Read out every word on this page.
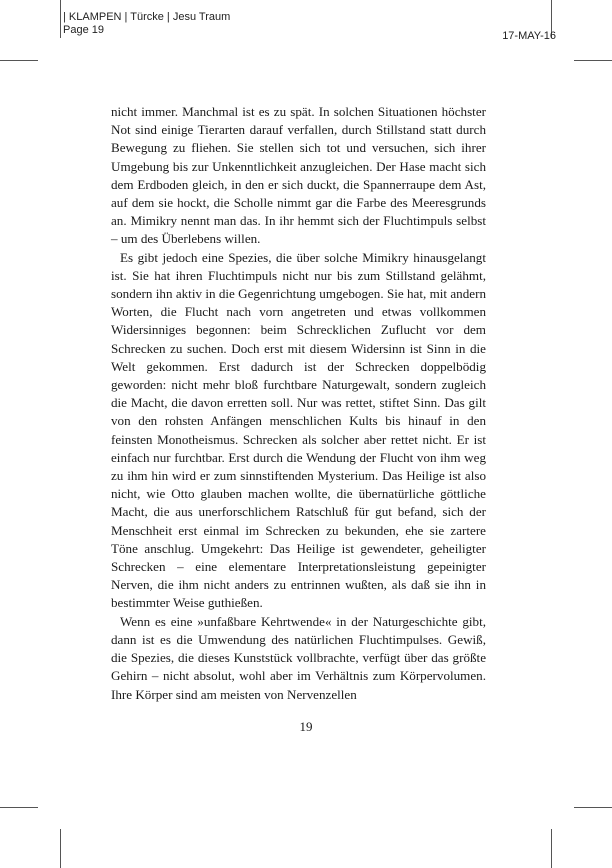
| KLAMPEN | Türcke | Jesu Traum
Page 19	17-MAY-16

nicht immer. Manchmal ist es zu spät. In solchen Situationen höchster Not sind einige Tierarten darauf verfallen, durch Stillstand statt durch Bewegung zu fliehen. Sie stellen sich tot und versuchen, sich ihrer Umgebung bis zur Unkenntlichkeit anzugleichen. Der Hase macht sich dem Erdboden gleich, in den er sich duckt, die Spannerraupe dem Ast, auf dem sie hockt, die Scholle nimmt gar die Farbe des Meeresgrunds an. Mimikry nennt man das. In ihr hemmt sich der Fluchtimpuls selbst – um des Überlebens willen.

Es gibt jedoch eine Spezies, die über solche Mimikry hinausgelangt ist. Sie hat ihren Fluchtimpuls nicht nur bis zum Stillstand gelähmt, sondern ihn aktiv in die Gegenrichtung umgebogen. Sie hat, mit andern Worten, die Flucht nach vorn angetreten und etwas vollkommen Widersinniges begonnen: beim Schrecklichen Zuflucht vor dem Schrecken zu suchen. Doch erst mit diesem Widersinn ist Sinn in die Welt gekommen. Erst dadurch ist der Schrecken doppelbödig geworden: nicht mehr bloß furchtbare Naturgewalt, sondern zugleich die Macht, die davon erretten soll. Nur was rettet, stiftet Sinn. Das gilt von den rohsten Anfängen menschlichen Kults bis hinauf in den feinsten Monotheismus. Schrecken als solcher aber rettet nicht. Er ist einfach nur furchtbar. Erst durch die Wendung der Flucht von ihm weg zu ihm hin wird er zum sinnstiftenden Mysterium. Das Heilige ist also nicht, wie Otto glauben machen wollte, die übernatürliche göttliche Macht, die aus unerforschlichem Ratschluß für gut befand, sich der Menschheit erst einmal im Schrecken zu bekunden, ehe sie zartere Töne anschlug. Umgekehrt: Das Heilige ist gewendeter, geheiligter Schrecken – eine elementare Interpretationsleistung gepeinigter Nerven, die ihm nicht anders zu entrinnen wußten, als daß sie ihn in bestimmter Weise guthießen.

Wenn es eine »unfaßbare Kehrtwende« in der Naturgeschichte gibt, dann ist es die Umwendung des natürlichen Fluchtimpulses. Gewiß, die Spezies, die dieses Kunststück vollbrachte, verfügt über das größte Gehirn – nicht absolut, wohl aber im Verhältnis zum Körpervolumen. Ihre Körper sind am meisten von Nervenzellen

19
